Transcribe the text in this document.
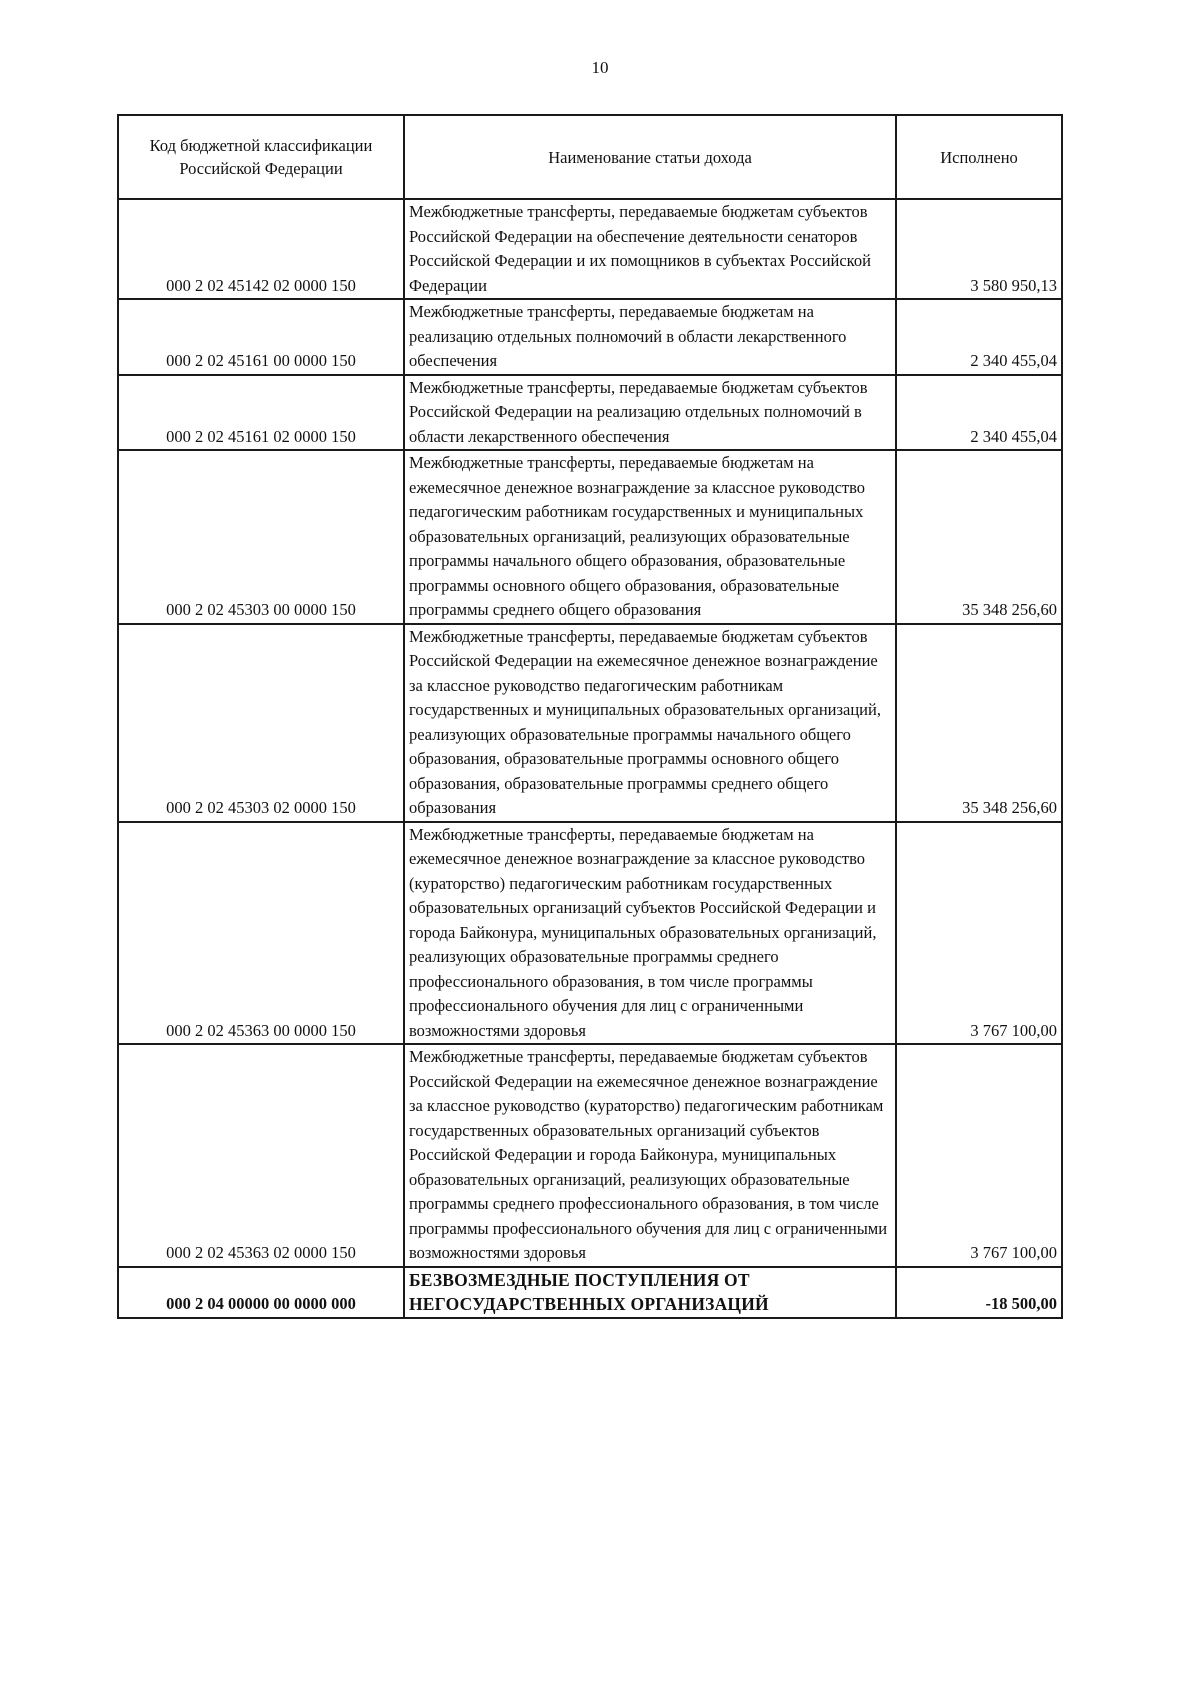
10
Код бюджетной классификации Российской Федерации	Наименование статьи дохода	Исполнено
000 2 02 45142 02 0000 150	Межбюджетные трансферты, передаваемые бюджетам субъектов Российской Федерации на обеспечение деятельности сенаторов Российской Федерации и их помощников в субъектах Российской Федерации	3 580 950,13
000 2 02 45161 00 0000 150	Межбюджетные трансферты, передаваемые бюджетам на реализацию отдельных полномочий в области лекарственного обеспечения	2 340 455,04
000 2 02 45161 02 0000 150	Межбюджетные трансферты, передаваемые бюджетам субъектов Российской Федерации на реализацию отдельных полномочий в области лекарственного обеспечения	2 340 455,04
000 2 02 45303 00 0000 150	Межбюджетные трансферты, передаваемые бюджетам на ежемесячное денежное вознаграждение за классное руководство педагогическим работникам государственных и муниципальных образовательных организаций, реализующих образовательные программы начального общего образования, образовательные программы основного общего образования, образовательные программы среднего общего образования	35 348 256,60
000 2 02 45303 02 0000 150	Межбюджетные трансферты, передаваемые бюджетам субъектов Российской Федерации на ежемесячное денежное вознаграждение за классное руководство педагогическим работникам государственных и муниципальных образовательных организаций, реализующих образовательные программы начального общего образования, образовательные программы основного общего образования, образовательные программы среднего общего образования	35 348 256,60
000 2 02 45363 00 0000 150	Межбюджетные трансферты, передаваемые бюджетам на ежемесячное денежное вознаграждение за классное руководство (кураторство) педагогическим работникам государственных образовательных организаций субъектов Российской Федерации и города Байконура, муниципальных образовательных организаций, реализующих образовательные программы среднего профессионального образования, в том числе программы профессионального обучения для лиц с ограниченными возможностями здоровья	3 767 100,00
000 2 02 45363 02 0000 150	Межбюджетные трансферты, передаваемые бюджетам субъектов Российской Федерации на ежемесячное денежное вознаграждение за классное руководство (кураторство) педагогическим работникам государственных образовательных организаций субъектов Российской Федерации и города Байконура, муниципальных образовательных организаций, реализующих образовательные программы среднего профессионального образования, в том числе программы профессионального обучения для лиц с ограниченными возможностями здоровья	3 767 100,00
000 2 04 00000 00 0000 000	БЕЗВОЗМЕЗДНЫЕ ПОСТУПЛЕНИЯ ОТ НЕГОСУДАРСТВЕННЫХ ОРГАНИЗАЦИЙ	-18 500,00
